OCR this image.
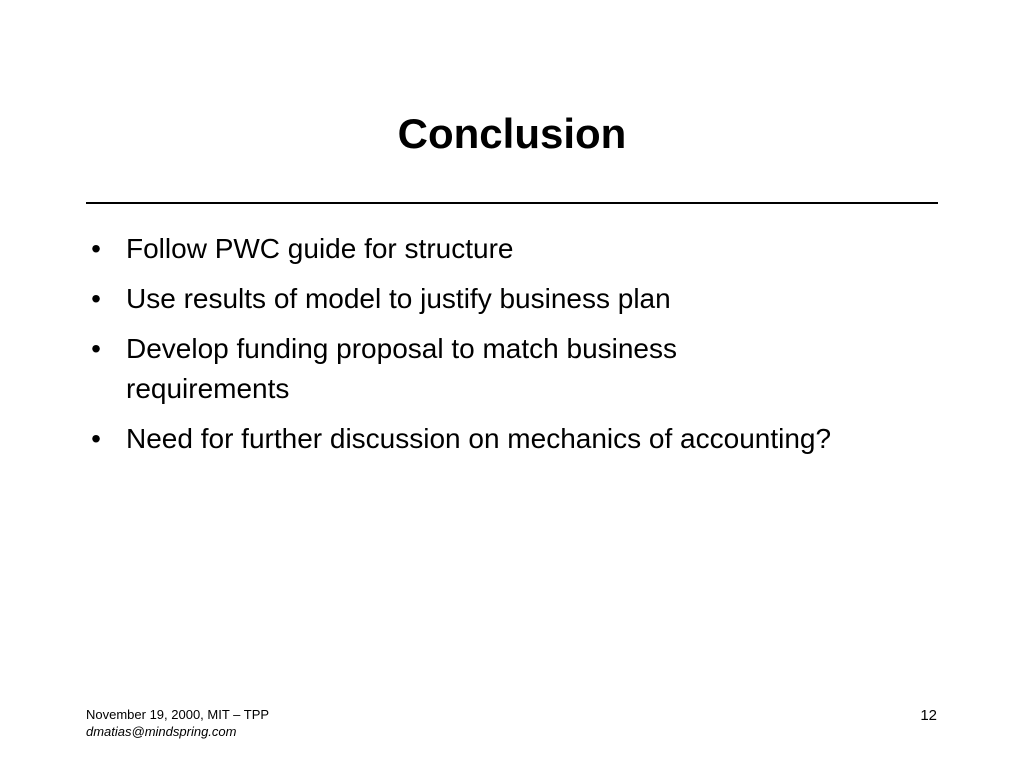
Conclusion
• Follow PWC guide for structure
• Use results of model to justify business plan
• Develop funding proposal to match business requirements
• Need for further discussion on mechanics of accounting?
November 19, 2000, MIT – TPP
dmatias@mindspring.com
12
